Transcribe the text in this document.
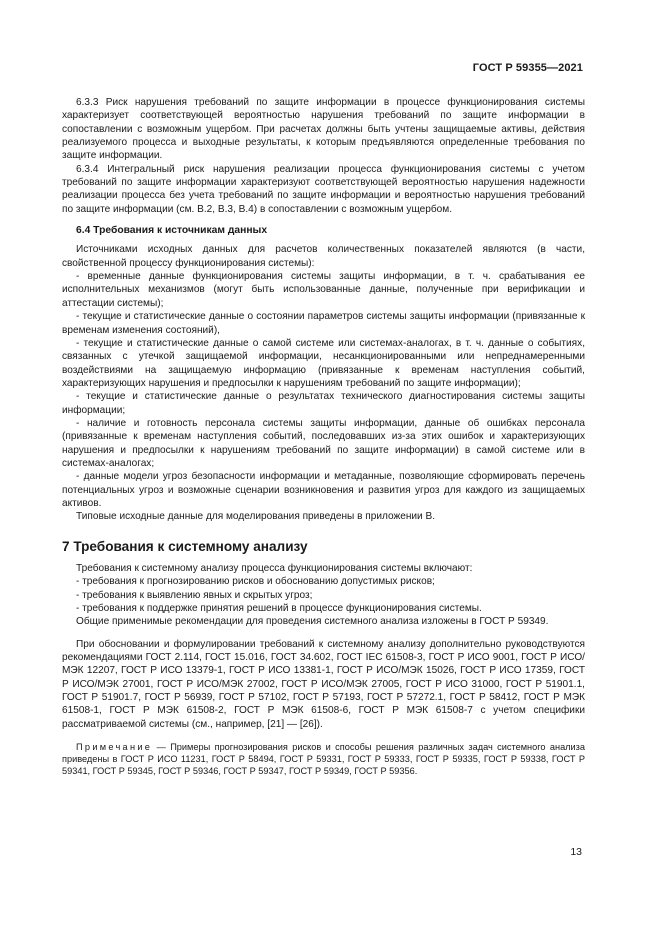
ГОСТ Р 59355—2021

6.3.3 Риск нарушения требований по защите информации в процессе функционирования системы характеризует соответствующей вероятностью нарушения требований по защите информации в сопоставлении с возможным ущербом. При расчетах должны быть учтены защищаемые активы, действия реализуемого процесса и выходные результаты, к которым предъявляются определенные требования по защите информации.

6.3.4 Интегральный риск нарушения реализации процесса функционирования системы с учетом требований по защите информации характеризуют соответствующей вероятностью нарушения надежности реализации процесса без учета требований по защите информации и вероятностью нарушения требований по защите информации (см. В.2, В.3, В.4) в сопоставлении с возможным ущербом.

6.4 Требования к источникам данных

Источниками исходных данных для расчетов количественных показателей являются (в части, свойственной процессу функционирования системы):

- временные данные функционирования системы защиты информации, в т. ч. срабатывания ее исполнительных механизмов (могут быть использованные данные, полученные при верификации и аттестации системы);

- текущие и статистические данные о состоянии параметров системы защиты информации (привязанные к временам изменения состояний),

- текущие и статистические данные о самой системе или системах-аналогах, в т. ч. данные о событиях, связанных с утечкой защищаемой информации, несанкционированными или непреднамеренными воздействиями на защищаемую информацию (привязанные к временам наступления событий, характеризующих нарушения и предпосылки к нарушениям требований по защите информации);

- текущие и статистические данные о результатах технического диагностирования системы защиты информации;

- наличие и готовность персонала системы защиты информации, данные об ошибках персонала (привязанные к временам наступления событий, последовавших из-за этих ошибок и характеризующих нарушения и предпосылки к нарушениям требований по защите информации) в самой системе или в системах-аналогах;

- данные модели угроз безопасности информации и метаданные, позволяющие сформировать перечень потенциальных угроз и возможные сценарии возникновения и развития угроз для каждого из защищаемых активов.

Типовые исходные данные для моделирования приведены в приложении В.

7 Требования к системному анализу

Требования к системному анализу процесса функционирования системы включают:

- требования к прогнозированию рисков и обоснованию допустимых рисков;

- требования к выявлению явных и скрытых угроз;

- требования к поддержке принятия решений в процессе функционирования системы.

Общие применимые рекомендации для проведения системного анализа изложены в ГОСТ Р 59349.

При обосновании и формулировании требований к системному анализу дополнительно руководствуются рекомендациями ГОСТ 2.114, ГОСТ 15.016, ГОСТ 34.602, ГОСТ IEC 61508-3, ГОСТ Р ИСО 9001, ГОСТ Р ИСО/МЭК 12207, ГОСТ Р ИСО 13379-1, ГОСТ Р ИСО 13381-1, ГОСТ Р ИСО/МЭК 15026, ГОСТ Р ИСО 17359, ГОСТ Р ИСО/МЭК 27001, ГОСТ Р ИСО/МЭК 27002, ГОСТ Р ИСО/МЭК 27005, ГОСТ Р ИСО 31000, ГОСТ Р 51901.1, ГОСТ Р 51901.7, ГОСТ Р 56939, ГОСТ Р 57102, ГОСТ Р 57193, ГОСТ Р 57272.1, ГОСТ Р 58412, ГОСТ Р МЭК 61508-1, ГОСТ Р МЭК 61508-2, ГОСТ Р МЭК 61508-6, ГОСТ Р МЭК 61508-7 с учетом специфики рассматриваемой системы (см., например, [21] — [26]).

Примечание — Примеры прогнозирования рисков и способы решения различных задач системного анализа приведены в ГОСТ Р ИСО 11231, ГОСТ Р 58494, ГОСТ Р 59331, ГОСТ Р 59333, ГОСТ Р 59335, ГОСТ Р 59338, ГОСТ Р 59341, ГОСТ Р 59345, ГОСТ Р 59346, ГОСТ Р 59347, ГОСТ Р 59349, ГОСТ Р 59356.

13
